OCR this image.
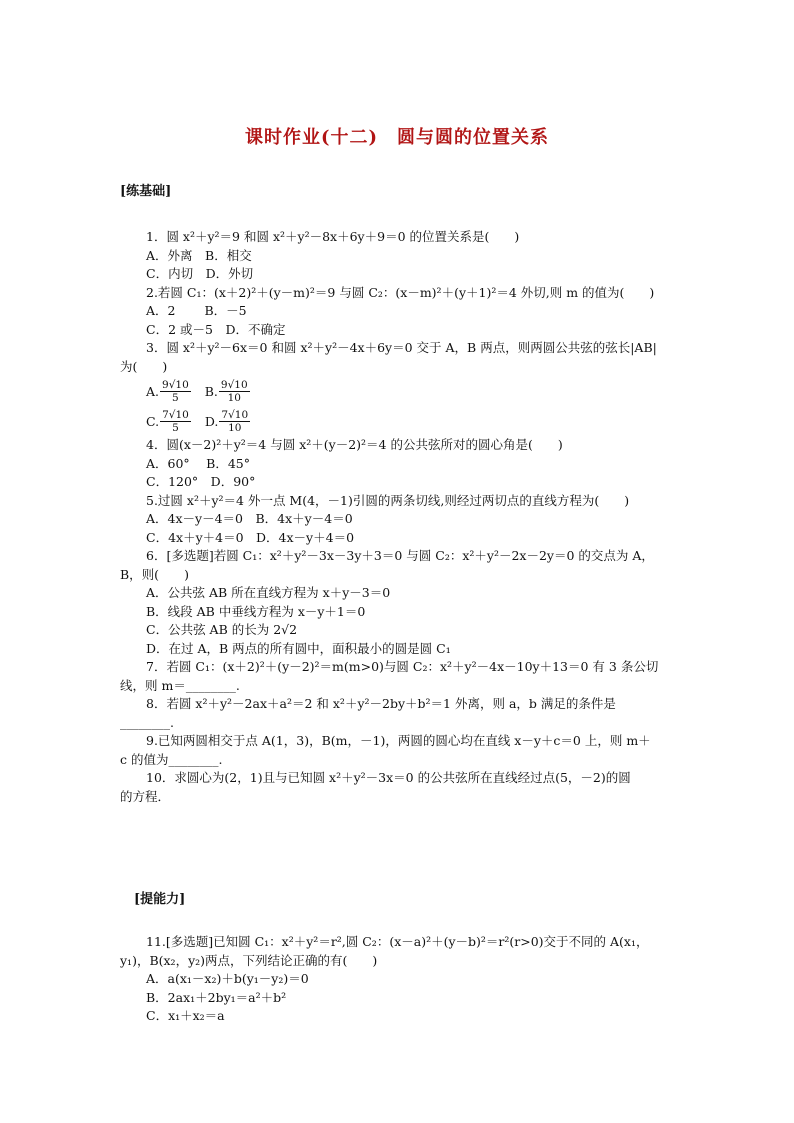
课时作业(十二)　圆与圆的位置关系
[练基础]
1．圆 x²＋y²＝9 和圆 x²＋y²－8x＋6y＋9＝0 的位置关系是(　　)
A．外离　B．相交
C．内切　D．外切
2.若圆 C₁：(x＋2)²＋(y－m)²＝9 与圆 C₂：(x－m)²＋(y＋1)²＝4 外切,则 m 的值为(　　)
A．2　　 B．－5
C．2 或－5　D．不确定
3．圆 x²＋y²－6x＝0 和圆 x²＋y²－4x＋6y＝0 交于 A，B 两点，则两圆公共弦的弦长|AB|
为(　　)
A. $\frac{9√10}{5} B$. $\frac{9√10}{10}$
C. $\frac{7√10}{5} D$. $\frac{7√10}{10}$
4．圆(x－2)²＋y²＝4 与圆 x²＋(y－2)²＝4 的公共弦所对的圆心角是(　　)
A．60°　 B．45°
C．120°　D．90°
5.过圆 x²＋y²＝4 外一点 M(4，－1)引圆的两条切线,则经过两切点的直线方程为(　　)
A．4x－y－4＝0　B．4x＋y－4＝0
C．4x＋y＋4＝0　D．4x－y＋4＝0
6．[多选题]若圆 C₁：x²＋y²－3x－3y＋3＝0 与圆 C₂：x²＋y²－2x－2y＝0 的交点为 A，
B，则(　　)
A．公共弦 AB 所在直线方程为 x＋y－3＝0
B．线段 AB 中垂线方程为 x－y＋1＝0
C．公共弦 AB 的长为 2√2
D．在过 A，B 两点的所有圆中，面积最小的圆是圆 C₁
7．若圆 C₁：(x＋2)²＋(y－2)²＝m(m>0)与圆 C₂：x²＋y²－4x－10y＋13＝0 有 3 条公切
线，则 m＝________.
8．若圆 x²＋y²－2ax＋a²＝2 和 x²＋y²－2by＋b²＝1 外离，则 a，b 满足的条件是
________.
9.已知两圆相交于点 A(1，3)，B(m，－1)，两圆的圆心均在直线 x－y＋c＝0 上，则 m＋
c 的值为________.
10．求圆心为(2，1)且与已知圆 x²＋y²－3x＝0 的公共弦所在直线经过点(5，－2)的圆
的方程．
[提能力]
11.[多选题]已知圆 C₁：x²＋y²＝r²,圆 C₂：(x－a)²＋(y－b)²＝r²(r>0)交于不同的 A(x₁，
y₁)，B(x₂，y₂)两点，下列结论正确的有(　　)
A．a(x₁－x₂)＋b(y₁－y₂)＝0
B．2ax₁＋2by₁＝a²＋b²
C．x₁＋x₂＝a
